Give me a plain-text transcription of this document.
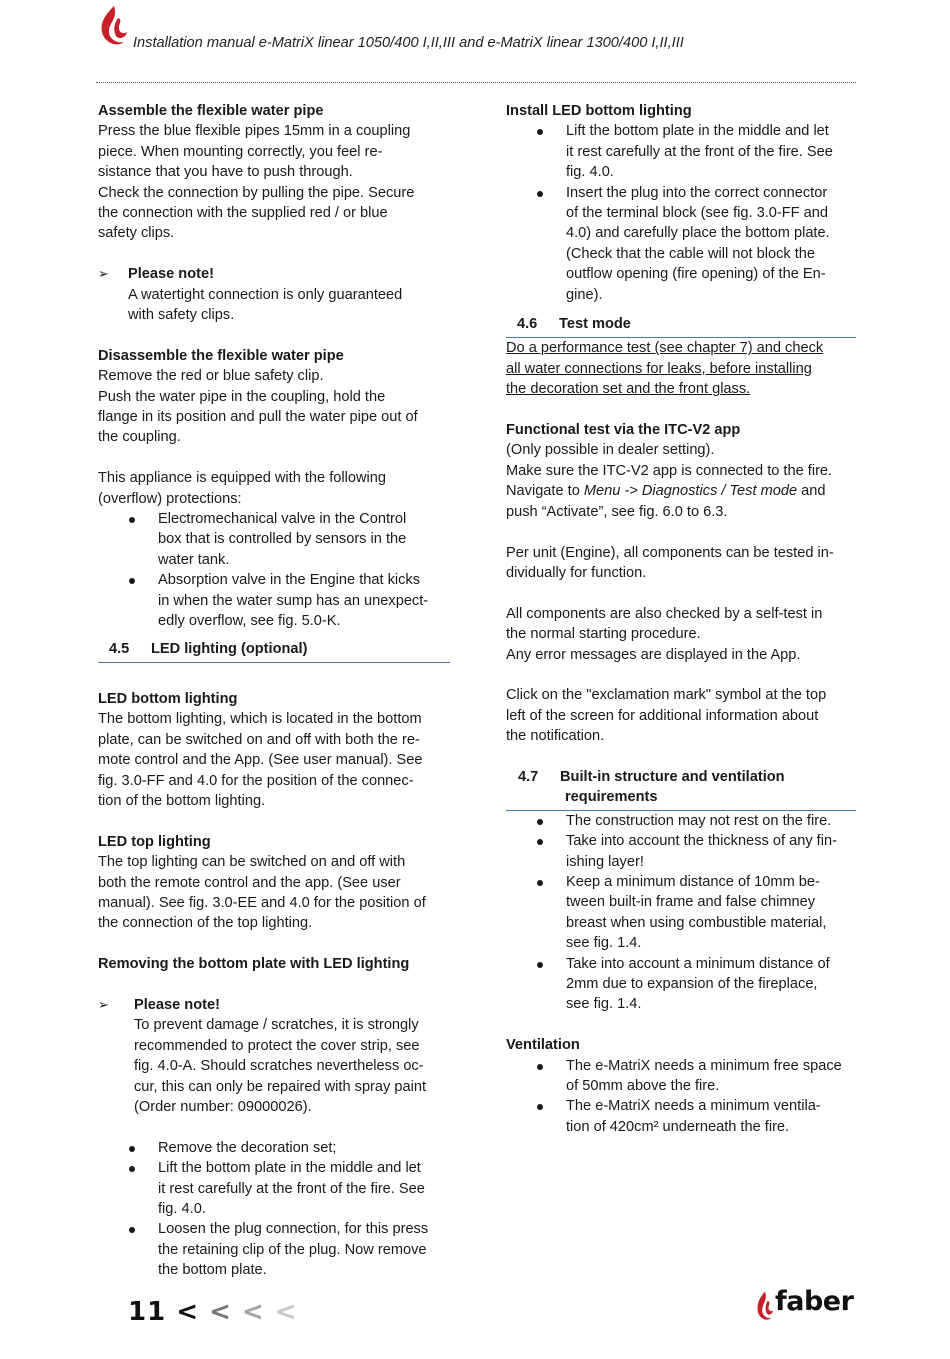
Installation manual e-MatriX linear 1050/400 I,II,III and e-MatriX linear 1300/400 I,II,III

Assemble the flexible water pipe

Press the blue flexible pipes 15mm in a coupling

piece. When mounting correctly, you feel re-

sistance that you have to push through.

Check the connection by pulling the pipe. Secure

the connection with the supplied red / or blue

safety clips.

➢ Please note!

A watertight connection is only guaranteed

with safety clips.

Disassemble the flexible water pipe

Remove the red or blue safety clip.

Push the water pipe in the coupling, hold the

flange in its position and pull the water pipe out of

the coupling.

This appliance is equipped with the following

(overflow) protections:

Electromechanical valve in the Control
box that is controlled by sensors in the
water tank.
Absorption valve in the Engine that kicks
in when the water sump has an unexpect-
edly overflow, see fig. 5.0-K.
4.5 LED lighting (optional)

LED bottom lighting

The bottom lighting, which is located in the bottom

plate, can be switched on and off with both the re-

mote control and the App. (See user manual). See

fig. 3.0-FF and 4.0 for the position of the connec-

tion of the bottom lighting.

LED top lighting

The top lighting can be switched on and off with

both the remote control and the app. (See user

manual). See fig. 3.0-EE and 4.0 for the position of

the connection of the top lighting.

Removing the bottom plate with LED lighting

➢ Please note!

To prevent damage / scratches, it is strongly

recommended to protect the cover strip, see

fig. 4.0-A. Should scratches nevertheless oc-

cur, this can only be repaired with spray paint

(Order number: 09000026).

Remove the decoration set;
Lift the bottom plate in the middle and let
it rest carefully at the front of the fire. See
fig. 4.0.
Loosen the plug connection, for this press
the retaining clip of the plug. Now remove
the bottom plate.

Install LED bottom lighting

Lift the bottom plate in the middle and let
it rest carefully at the front of the fire. See
fig. 4.0.
Insert the plug into the correct connector
of the terminal block (see fig. 3.0-FF and
4.0) and carefully place the bottom plate.
(Check that the cable will not block the
outflow opening (fire opening) of the En-
gine).
4.6 Test mode

Do a performance test (see chapter 7) and check

all water connections for leaks, before installing

the decoration set and the front glass.

Functional test via the ITC-V2 app

(Only possible in dealer setting).

Make sure the ITC-V2 app is connected to the fire.

Navigate to Menu -> Diagnostics / Test mode and

push “Activate”, see fig. 6.0 to 6.3.

Per unit (Engine), all components can be tested in-

dividually for function.

All components are also checked by a self-test in

the normal starting procedure.

Any error messages are displayed in the App.

Click on the "exclamation mark" symbol at the top

left of the screen for additional information about

the notification.

4.7 Built-in structure and ventilation
requirements
The construction may not rest on the fire.
Take into account the thickness of any fin-
ishing layer!
Keep a minimum distance of 10mm be-
tween built-in frame and false chimney
breast when using combustible material,
see fig. 1.4.
Take into account a minimum distance of
2mm due to expansion of the fireplace,
see fig. 1.4.

Ventilation

The e-MatriX needs a minimum free space
of 50mm above the fire.
The e-MatriX needs a minimum ventila-
tion of 420cm² underneath the fire.
11 < < < <	faber
